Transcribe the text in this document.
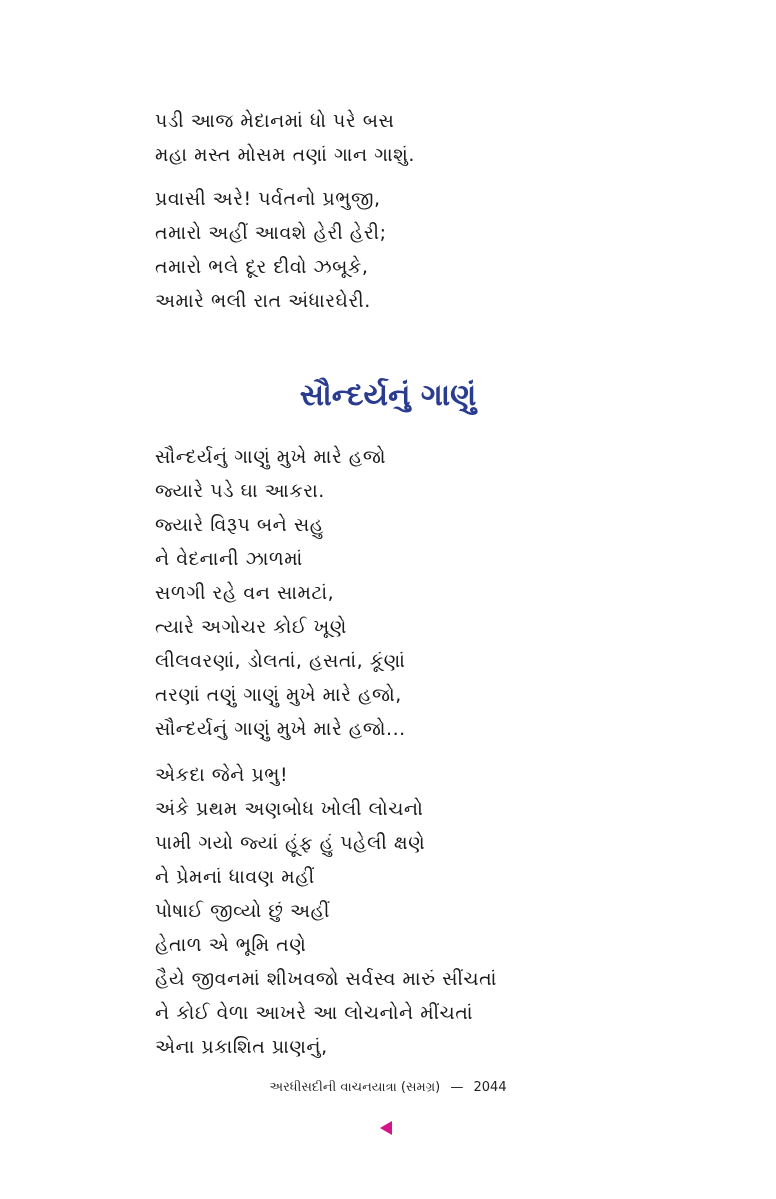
પડી આજ મેદાનમાં ધો પરે બસ
મહા મસ્ત મોસમ તણાં ગાન ગાશું.
પ્રવાસી અરે! પર્વતનો પ્રભુજી,
તમારો અહીં આવશે હેરી હેરી;
તમારો ભલે દૂર દીવો ઝબૂકે,
અમારે ભલી રાત અંધારઘેરી.
સૌન્દર્યનું ગાણું
સૌન્દર્યનું ગાણું મુખે મારે હજો
જ્યારે પડે ઘા આકરા.
જ્યારે વિરૂપ બને સહુ
ને વેદનાની ઝાળમાં
સળગી રહે વન સામટાં,
ત્યારે અગોચર કોઈ ખૂણે
લીલવરણાં, ડોલતાં, હસતાં, કૂંણાં
તરણાં તણું ગાણું મુખે મારે હજો,
સૌન્દર્યનું ગાણું મુખે મારે હજો...
એકદા જેને પ્રભુ!
અંકે પ્રથમ અણબોધ ખોલી લોચનો
પામી ગયો જ્યાં હૂંફ હું પહેલી ક્ષણે
ને પ્રેમનાં ધાવણ મહીં
પોષાઈ જીવ્યો છું અહીં
હેતાળ એ ભૂમિ તણે
હૈયે જીવનમાં શીખવજો સર્વસ્વ મારું સીંચતાં
ને કોઈ વેળા આખરે આ લોચનોને મીંચતાં
એના પ્રકાશિત પ્રાણનું,
અરધીસદીની વાચનયાત્રા (સમગ્ર) — 2044
